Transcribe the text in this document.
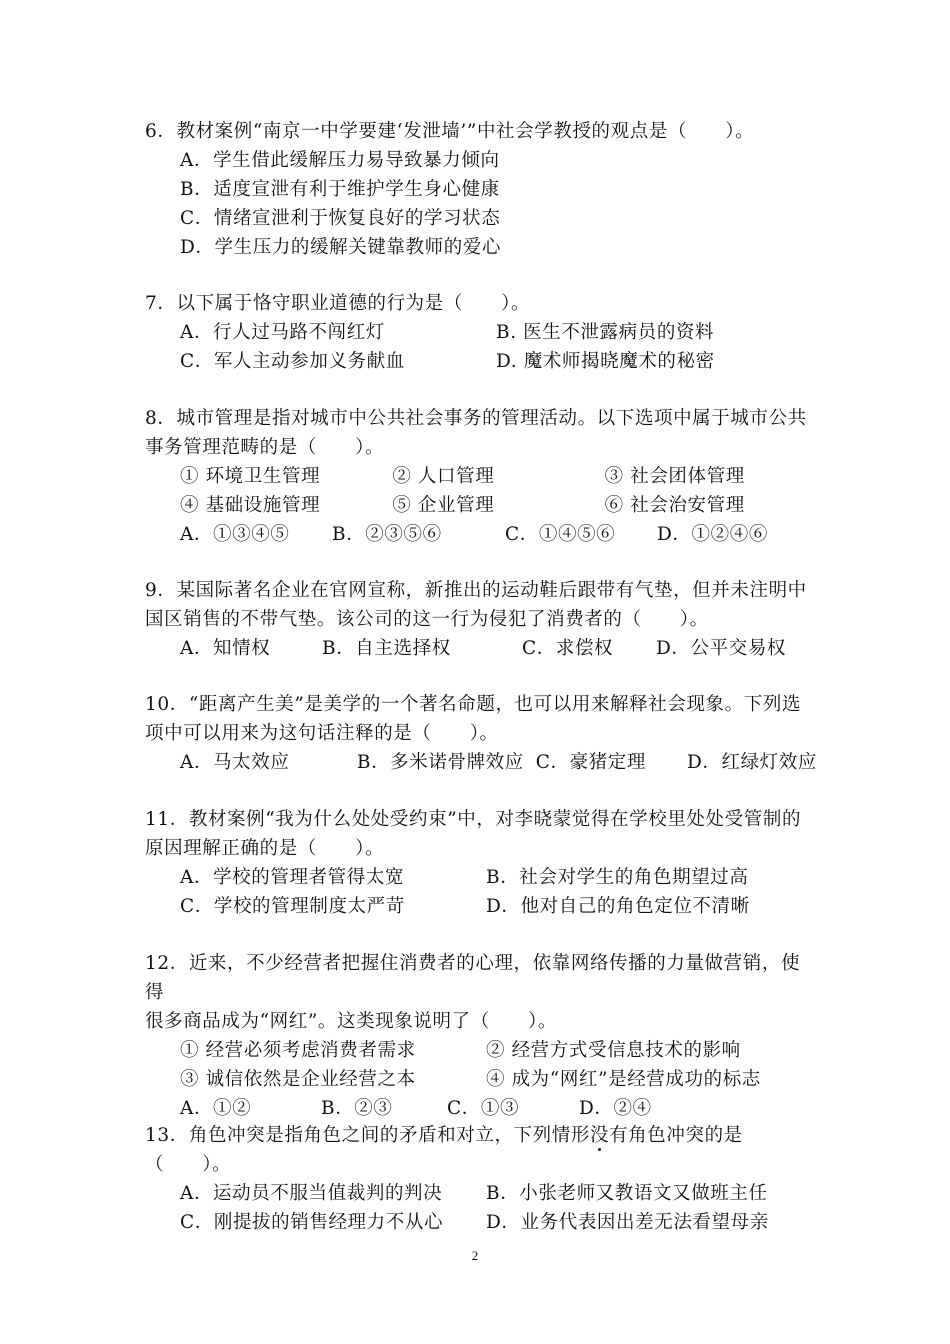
6．教材案例“南京一中学要建‘发泄墙’”中社会学教授的观点是（　　）。
A．学生借此缓解压力易导致暴力倾向
B．适度宣泄有利于维护学生身心健康
C．情绪宣泄利于恢复良好的学习状态
D．学生压力的缓解关键靠教师的爱心
7．以下属于恪守职业道德的行为是（　　）。
A．行人过马路不闯红灯	B. 医生不泄露病员的资料
C．军人主动参加义务献血	D. 魔术师揭晓魔术的秘密
8．城市管理是指对城市中公共社会事务的管理活动。以下选项中属于城市公共
事务管理范畴的是（　　）。
① 环境卫生管理	② 人口管理	③ 社会团体管理
④ 基础设施管理	⑤ 企业管理	⑥ 社会治安管理
A．①③④⑤	B．②③⑤⑥	C．①④⑤⑥	D．①②④⑥
9．某国际著名企业在官网宣称，新推出的运动鞋后跟带有气垫，但并未注明中
国区销售的不带气垫。该公司的这一行为侵犯了消费者的（　　）。
A．知情权	B．自主选择权	C．求偿权	D．公平交易权
10．“距离产生美”是美学的一个著名命题，也可以用来解释社会现象。下列选
项中可以用来为这句话注释的是（　　）。
A．马太效应	B．多米诺骨牌效应 C．豪猪定理	D．红绿灯效应
11．教材案例“我为什么处处受约束”中，对李晓蒙觉得在学校里处处受管制的
原因理解正确的是（　　）。
A．学校的管理者管得太宽	B．社会对学生的角色期望过高
C．学校的管理制度太严苛	D．他对自己的角色定位不清晰
12．近来，不少经营者把握住消费者的心理，依靠网络传播的力量做营销，使得
很多商品成为“网红”。这类现象说明了（　　）。
① 经营必须考虑消费者需求	② 经营方式受信息技术的影响
③ 诚信依然是企业经营之本	④ 成为“网红”是经营成功的标志
A．①②	B．②③	C．①③	D．②④
13．角色冲突是指角色之间的矛盾和对立，下列情形没有角色冲突的是（　　）。
A．运动员不服当值裁判的判决	B．小张老师又教语文又做班主任
C．刚提拔的销售经理力不从心	D．业务代表因出差无法看望母亲
2
